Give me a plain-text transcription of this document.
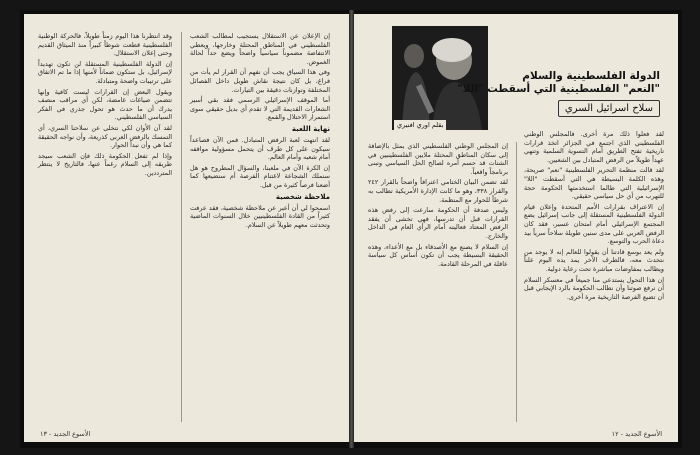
وقد انتظرنا هذا اليوم زمناً طويلاً، فالحركة الوطنية الفلسطينية قطعت شوطاً كبيراً منذ الميثاق القديم وحتى إعلان الاستقلال.

إن الدولة الفلسطينية المستقلة لن تكون تهديداً لإسرائيل، بل ستكون ضماناً لأمنها إذا ما تم الاتفاق على ترتيبات واضحة ومتبادلة.

ويقول البعض إن القرارات ليست كافية وإنها تتضمن صياغات غامضة، لكن أي مراقب منصف يدرك أن ما حدث هو تحول جذري في الفكر السياسي الفلسطيني.

لقد آن الأوان لكي نتخلى عن سلاحنا السري، أي التمسك بالرفض العربي كذريعة، وأن نواجه الحقيقة كما هي وأن نبدأ الحوار.

وإذا لم تفعل الحكومة ذلك فإن الشعب سيجد طريقه إلى السلام رغماً عنها، فالتاريخ لا ينتظر المترددين.

إن الإعلان عن الاستقلال يستجيب لمطالب الشعب الفلسطيني في المناطق المحتلة وخارجها، ويعطي الانتفاضة مضموناً سياسياً واضحاً ويضع حداً لحالة الغموض.

وفي هذا السياق يجب أن نفهم أن القرار لم يأت من فراغ، بل كان نتيجة نقاش طويل داخل الفصائل المختلفة وتوازنات دقيقة بين التيارات.

أما الموقف الإسرائيلي الرسمي فقد بقي أسير الشعارات القديمة التي لا تقدم أي بديل حقيقي سوى استمرار الاحتلال والقمع.

نهاية اللعبة

لقد انتهت لعبة الرفض المتبادل. فمن الآن فصاعداً سيكون على كل طرف أن يتحمل مسؤولية مواقفه أمام شعبه وأمام العالم.

إن الكرة الآن في ملعبنا، والسؤال المطروح هو هل سنملك الشجاعة لاغتنام الفرصة أم سنضيعها كما أضعنا فرصاً كثيرة من قبل.

ملاحظة شخصية

اسمحوا لي أن أعبر عن ملاحظة شخصية، فقد عرفت كثيراً من القادة الفلسطينيين خلال السنوات الماضية وتحدثت معهم طويلاً عن السلام.

الأسوع الجديد - ١٣
بقلم اوري افنيري
الدولة الفلسطينية والسلام
"النعم" الفلسطينية التي أسقطت "اللا"
سلاح اسرائيل السري

إن المجلس الوطني الفلسطيني الذي يمثل بالإضافة إلى سكان المناطق المحتلة ملايين الفلسطينيين في الشتات قد حسم أمره لصالح الحل السياسي وتبنى برنامجاً واقعياً.

لقد تضمن البيان الختامي اعترافاً واضحاً بالقرار ٢٤٢ والقرار ٣٣٨، وهو ما كانت الإدارة الأمريكية تطالب به شرطاً للحوار مع المنظمة.

وليس صدفة أن الحكومة سارعت إلى رفض هذه القرارات قبل أن تدرسها، فهي تخشى أن يفقد الرفض المعتاد فعاليته أمام الرأي العام في الداخل والخارج.

إن السلام لا يصنع مع الأصدقاء بل مع الأعداء، وهذه الحقيقة البسيطة يجب أن تكون أساس كل سياسة عاقلة في المرحلة القادمة.

لقد فعلوا ذلك مرة أخرى. فالمجلس الوطني الفلسطيني الذي اجتمع في الجزائر اتخذ قرارات تاريخية تفتح الطريق أمام التسوية السلمية وتنهي عهداً طويلاً من الرفض المتبادل بين الشعبين.

لقد قالت منظمة التحرير الفلسطينية "نعم" صريحة، وهذه الكلمة البسيطة هي التي أسقطت "اللا" الإسرائيلية التي طالما استخدمتها الحكومة حجة للتهرب من أي حل سياسي حقيقي.

إن الاعتراف بقرارات الأمم المتحدة وإعلان قيام الدولة الفلسطينية المستقلة إلى جانب إسرائيل يضع المجتمع الإسرائيلي أمام امتحان عسير، فقد كان الرفض العربي على مدى سنين طويلة سلاحاً سرياً بيد دعاة الحرب والتوسع.

ولم يعد بوسع قادتنا أن يقولوا للعالم إنه لا يوجد من نتحدث معه، فالطرف الآخر يمد يده اليوم علناً ويطالب بمفاوضات مباشرة تحت رعاية دولية.

إن هذا التحول يستدعي منا جميعاً في معسكر السلام أن نرفع صوتنا وأن نطالب الحكومة بالرد الإيجابي قبل أن تضيع الفرصة التاريخية مرة أخرى.

الأسوع الجديد - ١٢
